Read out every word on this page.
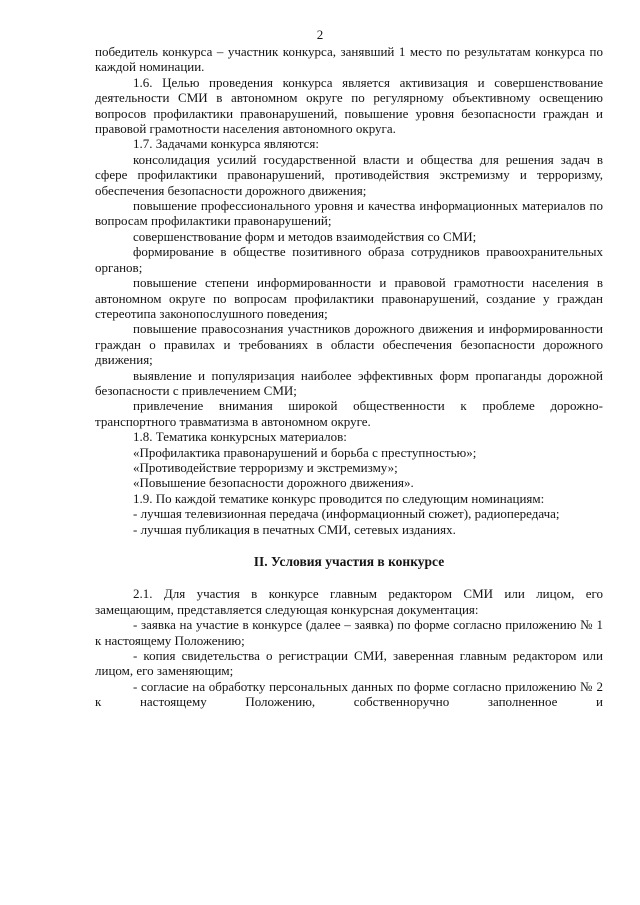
2

победитель конкурса – участник конкурса, занявший 1 место по результатам конкурса по каждой номинации.

1.6. Целью проведения конкурса является активизация и совершенствование деятельности СМИ в автономном округе по регулярному объективному освещению вопросов профилактики правонарушений, повышение уровня безопасности граждан и правовой грамотности населения автономного округа.

1.7. Задачами конкурса являются:

консолидация усилий государственной власти и общества для решения задач в сфере профилактики правонарушений, противодействия экстремизму и терроризму, обеспечения безопасности дорожного движения;

повышение профессионального уровня и качества информационных материалов по вопросам профилактики правонарушений;

совершенствование форм и методов взаимодействия со СМИ;

формирование в обществе позитивного образа сотрудников правоохранительных органов;

повышение степени информированности и правовой грамотности населения в автономном округе по вопросам профилактики правонарушений, создание у граждан стереотипа законопослушного поведения;

повышение правосознания участников дорожного движения и информированности граждан о правилах и требованиях в области обеспечения безопасности дорожного движения;

выявление и популяризация наиболее эффективных форм пропаганды дорожной безопасности с привлечением СМИ;

привлечение внимания широкой общественности к проблеме дорожно-транспортного травматизма в автономном округе.

1.8. Тематика конкурсных материалов:

«Профилактика правонарушений и борьба с преступностью»;

«Противодействие терроризму и экстремизму»;

«Повышение безопасности дорожного движения».

1.9. По каждой тематике конкурс проводится по следующим номинациям:

- лучшая телевизионная передача (информационный сюжет), радиопередача;

- лучшая публикация в печатных СМИ, сетевых изданиях.

II. Условия участия в конкурсе

2.1. Для участия в конкурсе главным редактором СМИ или лицом, его замещающим, представляется следующая конкурсная документация:

- заявка на участие в конкурсе (далее – заявка) по форме согласно приложению № 1 к настоящему Положению;

- копия свидетельства о регистрации СМИ, заверенная главным редактором или лицом, его заменяющим;

- согласие на обработку персональных данных по форме согласно приложению № 2 к настоящему Положению, собственноручно заполненное и
